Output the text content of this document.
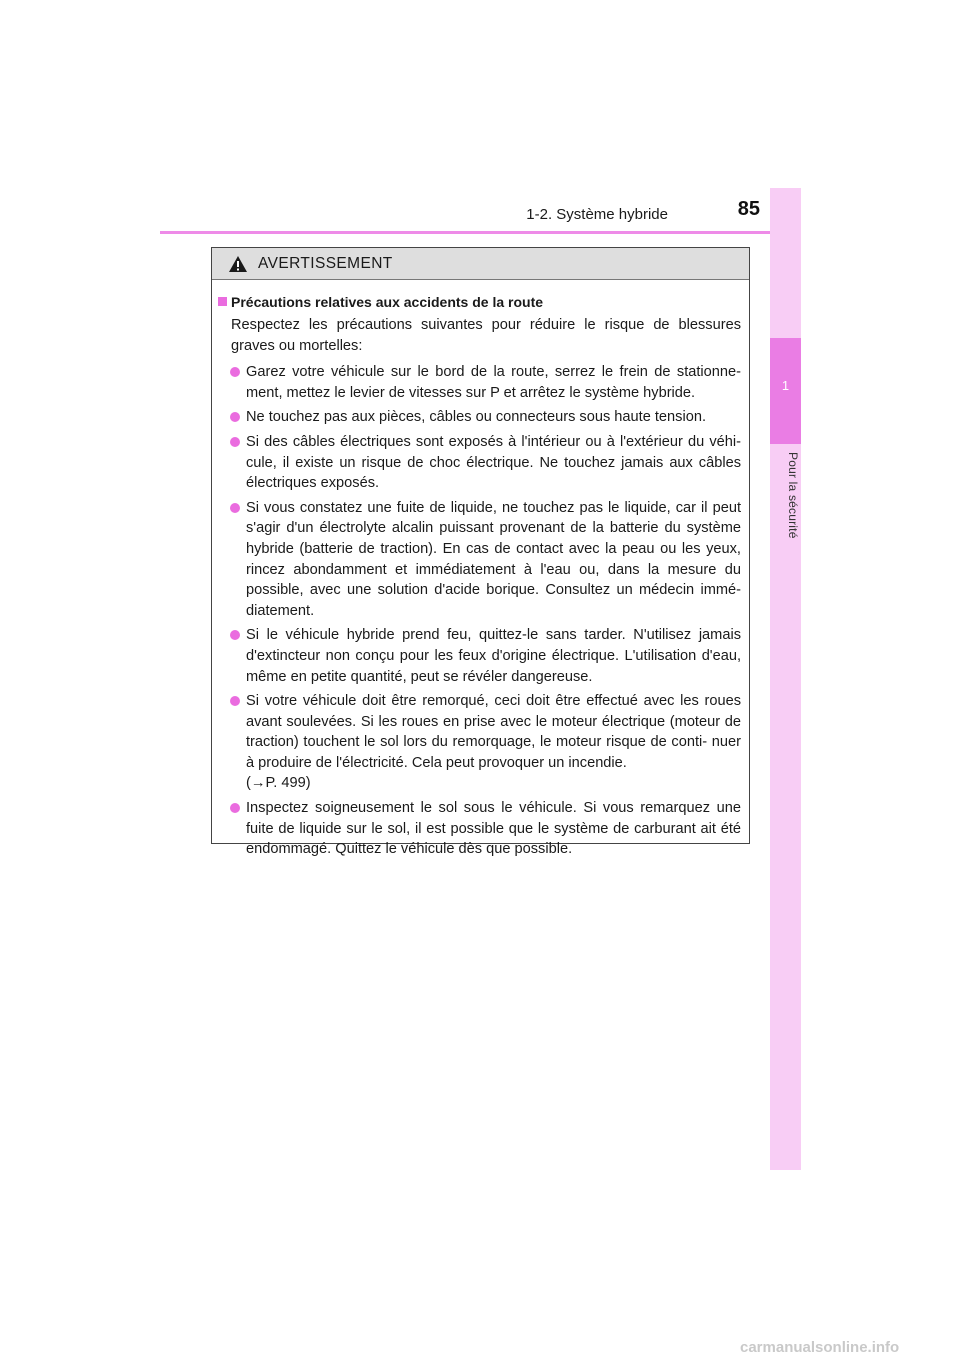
1-2. Système hybride	85
1
Pour la sécurité
AVERTISSEMENT
Précautions relatives aux accidents de la route
Respectez les précautions suivantes pour réduire le risque de blessures graves ou mortelles:
Garez votre véhicule sur le bord de la route, serrez le frein de stationne- ment, mettez le levier de vitesses sur P et arrêtez le système hybride.
Ne touchez pas aux pièces, câbles ou connecteurs sous haute tension.
Si des câbles électriques sont exposés à l'intérieur ou à l'extérieur du véhi- cule, il existe un risque de choc électrique. Ne touchez jamais aux câbles électriques exposés.
Si vous constatez une fuite de liquide, ne touchez pas le liquide, car il peut s'agir d'un électrolyte alcalin puissant provenant de la batterie du système hybride (batterie de traction). En cas de contact avec la peau ou les yeux, rincez abondamment et immédiatement à l'eau ou, dans la mesure du possible, avec une solution d'acide borique. Consultez un médecin immé- diatement.
Si le véhicule hybride prend feu, quittez-le sans tarder. N'utilisez jamais d'extincteur non conçu pour les feux d'origine électrique. L'utilisation d'eau, même en petite quantité, peut se révéler dangereuse.
Si votre véhicule doit être remorqué, ceci doit être effectué avec les roues avant soulevées. Si les roues en prise avec le moteur électrique (moteur de traction) touchent le sol lors du remorquage, le moteur risque de conti- nuer à produire de l'électricité. Cela peut provoquer un incendie.
(→P. 499)
Inspectez soigneusement le sol sous le véhicule. Si vous remarquez une fuite de liquide sur le sol, il est possible que le système de carburant ait été endommagé. Quittez le véhicule dès que possible.
carmanualsonline.info
